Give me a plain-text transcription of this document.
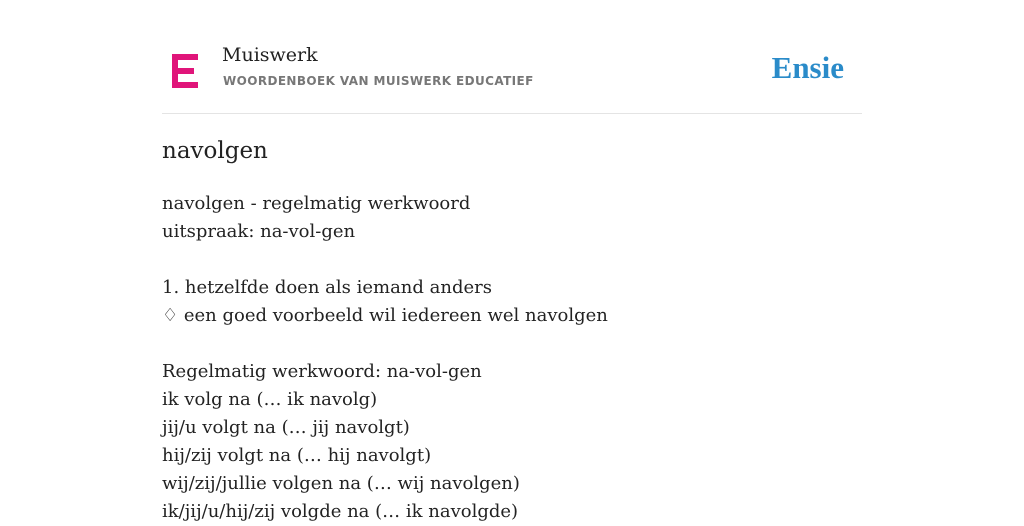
Muiswerk
WOORDENBOEK VAN MUISWERK EDUCATIEF	Ensie
navolgen
navolgen - regelmatig werkwoord
uitspraak: na-vol-gen
1. hetzelfde doen als iemand anders
♢ een goed voorbeeld wil iedereen wel navolgen
Regelmatig werkwoord: na-vol-gen
ik volg na (… ik navolg)
jij/u volgt na (… jij navolgt)
hij/zij volgt na (… hij navolgt)
wij/zij/jullie volgen na (… wij navolgen)
ik/jij/u/hij/zij volgde na (… ik navolgde)
